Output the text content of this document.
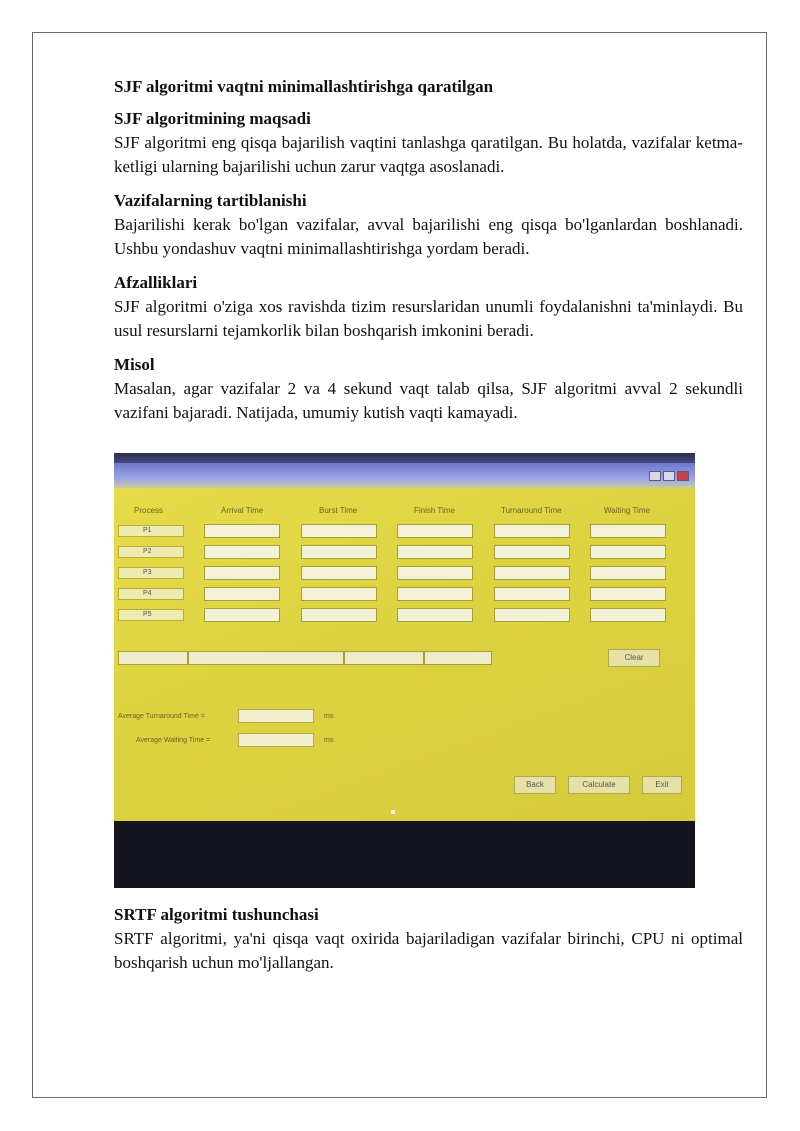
SJF algoritmi vaqtni minimallashtirishga qaratilgan
SJF algoritmining maqsadi

SJF algoritmi eng qisqa bajarilish vaqtini tanlashga qaratilgan. Bu holatda, vazifalar ketma-ketligi ularning bajarilishi uchun zarur vaqtga asoslanadi.

Vazifalarning tartiblanishi

Bajarilishi kerak bo'lgan vazifalar, avval bajarilishi eng qisqa bo'lganlardan boshlanadi. Ushbu yondashuv vaqtni minimallashtirishga yordam beradi.

Afzalliklari

SJF algoritmi o'ziga xos ravishda tizim resurslaridan unumli foydalanishni ta'minlaydi. Bu usul resurslarni tejamkorlik bilan boshqarish imkonini beradi.

Misol

Masalan, agar vazifalar 2 va 4 sekund vaqt talab qilsa, SJF algoritmi avval 2 sekundli vazifani bajaradi. Natijada, umumiy kutish vaqti kamayadi.

Process	Arrival Time	Burst Time	Finish Time	Turnaround Time	Waiting Time
P1
P2
P3
P4
P5
Clear
Average Turnaround Time =	ms
Average Waiting Time =	ms
Back	Calculate	Exit
SRTF algoritmi tushunchasi

SRTF algoritmi, ya'ni qisqa vaqt oxirida bajariladigan vazifalar birinchi, CPU ni optimal boshqarish uchun mo'ljallangan.
